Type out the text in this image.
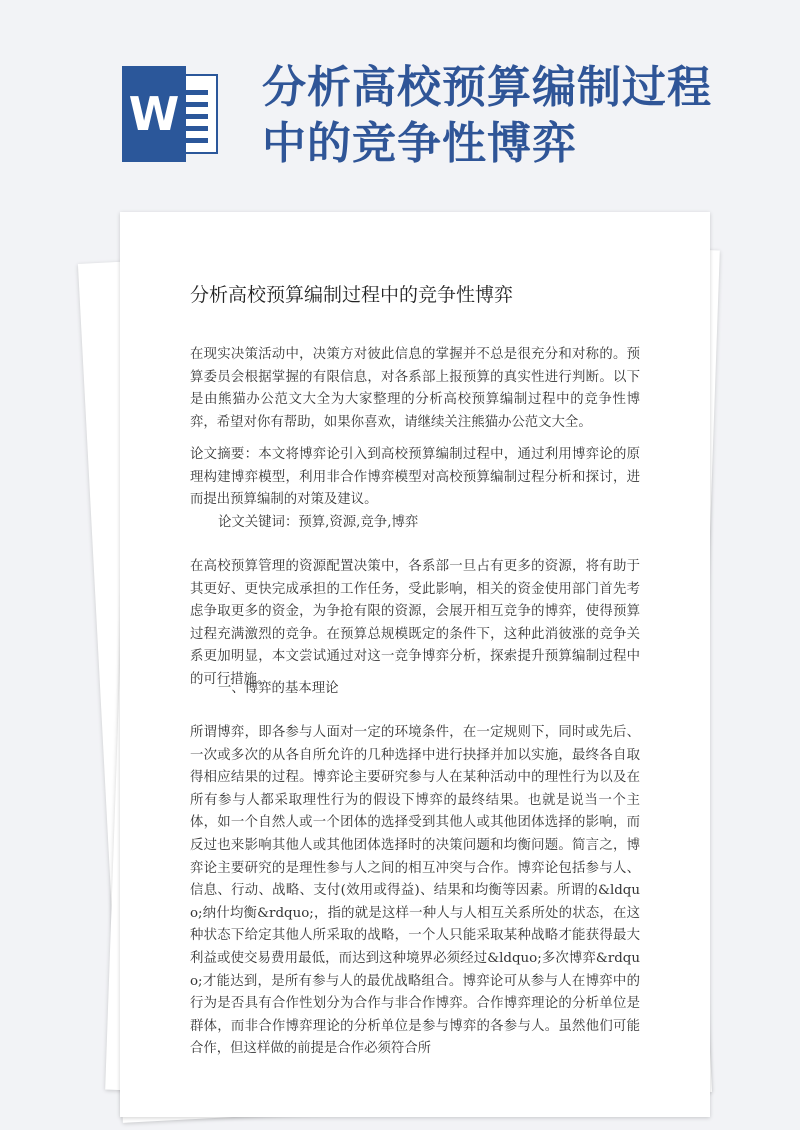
W 分析高校预算编制过程中的竞争性博弈
分析高校预算编制过程中的竞争性博弈

在现实决策活动中，决策方对彼此信息的掌握并不总是很充分和对称的。预算委员会根据掌握的有限信息，对各系部上报预算的真实性进行判断。以下是由熊猫办公范文大全为大家整理的分析高校预算编制过程中的竞争性博弈，希望对你有帮助，如果你喜欢，请继续关注熊猫办公范文大全。

论文摘要：本文将博弈论引入到高校预算编制过程中，通过利用博弈论的原理构建博弈模型，利用非合作博弈模型对高校预算编制过程分析和探讨，进而提出预算编制的对策及建议。

论文关键词：预算,资源,竞争,博弈

在高校预算管理的资源配置决策中，各系部一旦占有更多的资源，将有助于其更好、更快完成承担的工作任务，受此影响，相关的资金使用部门首先考虑争取更多的资金，为争抢有限的资源，会展开相互竞争的博弈，使得预算过程充满激烈的竞争。在预算总规模既定的条件下，这种此消彼涨的竞争关系更加明显，本文尝试通过对这一竞争博弈分析，探索提升预算编制过程中的可行措施。

一、博弈的基本理论

所谓博弈，即各参与人面对一定的环境条件，在一定规则下，同时或先后、一次或多次的从各自所允许的几种选择中进行抉择并加以实施，最终各自取得相应结果的过程。博弈论主要研究参与人在某种活动中的理性行为以及在所有参与人都采取理性行为的假设下博弈的最终结果。也就是说当一个主体，如一个自然人或一个团体的选择受到其他人或其他团体选择的影响，而反过也来影响其他人或其他团体选择时的决策问题和均衡问题。简言之，博弈论主要研究的是理性参与人之间的相互冲突与合作。博弈论包括参与人、信息、行动、战略、支付(效用或得益)、结果和均衡等因素。所谓的&ldquo;纳什均衡&rdquo;，指的就是这样一种人与人相互关系所处的状态，在这种状态下给定其他人所采取的战略，一个人只能采取某种战略才能获得最大利益或使交易费用最低，而达到这种境界必须经过&ldquo;多次博弈&rdquo;才能达到，是所有参与人的最优战略组合。博弈论可从参与人在博弈中的行为是否具有合作性划分为合作与非合作博弈。合作博弈理论的分析单位是群体，而非合作博弈理论的分析单位是参与博弈的各参与人。虽然他们可能合作，但这样做的前提是合作必须符合所
